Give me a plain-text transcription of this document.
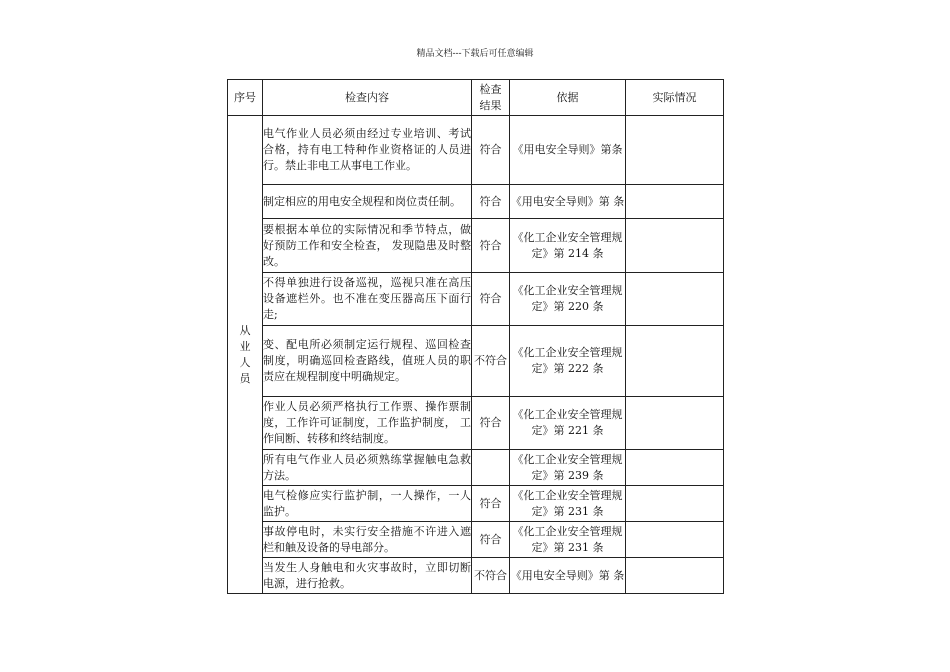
精品文档---下载后可任意编辑
序号	检查内容	检查结果	依据	实际情况

从
业
人
员	电气作业人员必须由经过专业培训、考试合格，持有电工特种作业资格证的人员进行。禁止非电工从事电工作业。	符合	《用电安全导则》第条	
	制定相应的用电安全规程和岗位责任制。	符合	《用电安全导则》第 条	
	要根据本单位的实际情况和季节特点，做好预防工作和安全检查， 发现隐患及时整改。	符合	《化工企业安全管理规定》第 214 条	
	不得单独进行设备巡视，巡视只准在高压设备遮栏外。也不准在变压器高压下面行走;	符合	《化工企业安全管理规定》第 220 条	
	变、配电所必须制定运行规程、巡回检查制度，明确巡回检查路线，值班人员的职责应在规程制度中明确规定。	不符合	《化工企业安全管理规定》第 222 条	
	作业人员必须严格执行工作票、操作票制度，工作许可证制度，工作监护制度， 工作间断、转移和终结制度。	符合	《化工企业安全管理规定》第 221 条	
	所有电气作业人员必须熟练掌握触电急救方法。		《化工企业安全管理规定》第 239 条	
	电气检修应实行监护制，一人操作，一人监护。	符合	《化工企业安全管理规定》第 231 条	
	事故停电时，未实行安全措施不许进入遮栏和触及设备的导电部分。	符合	《化工企业安全管理规定》第 231 条	
	当发生人身触电和火灾事故时，立即切断电源，进行抢救。	不符合	《用电安全导则》第 条	
